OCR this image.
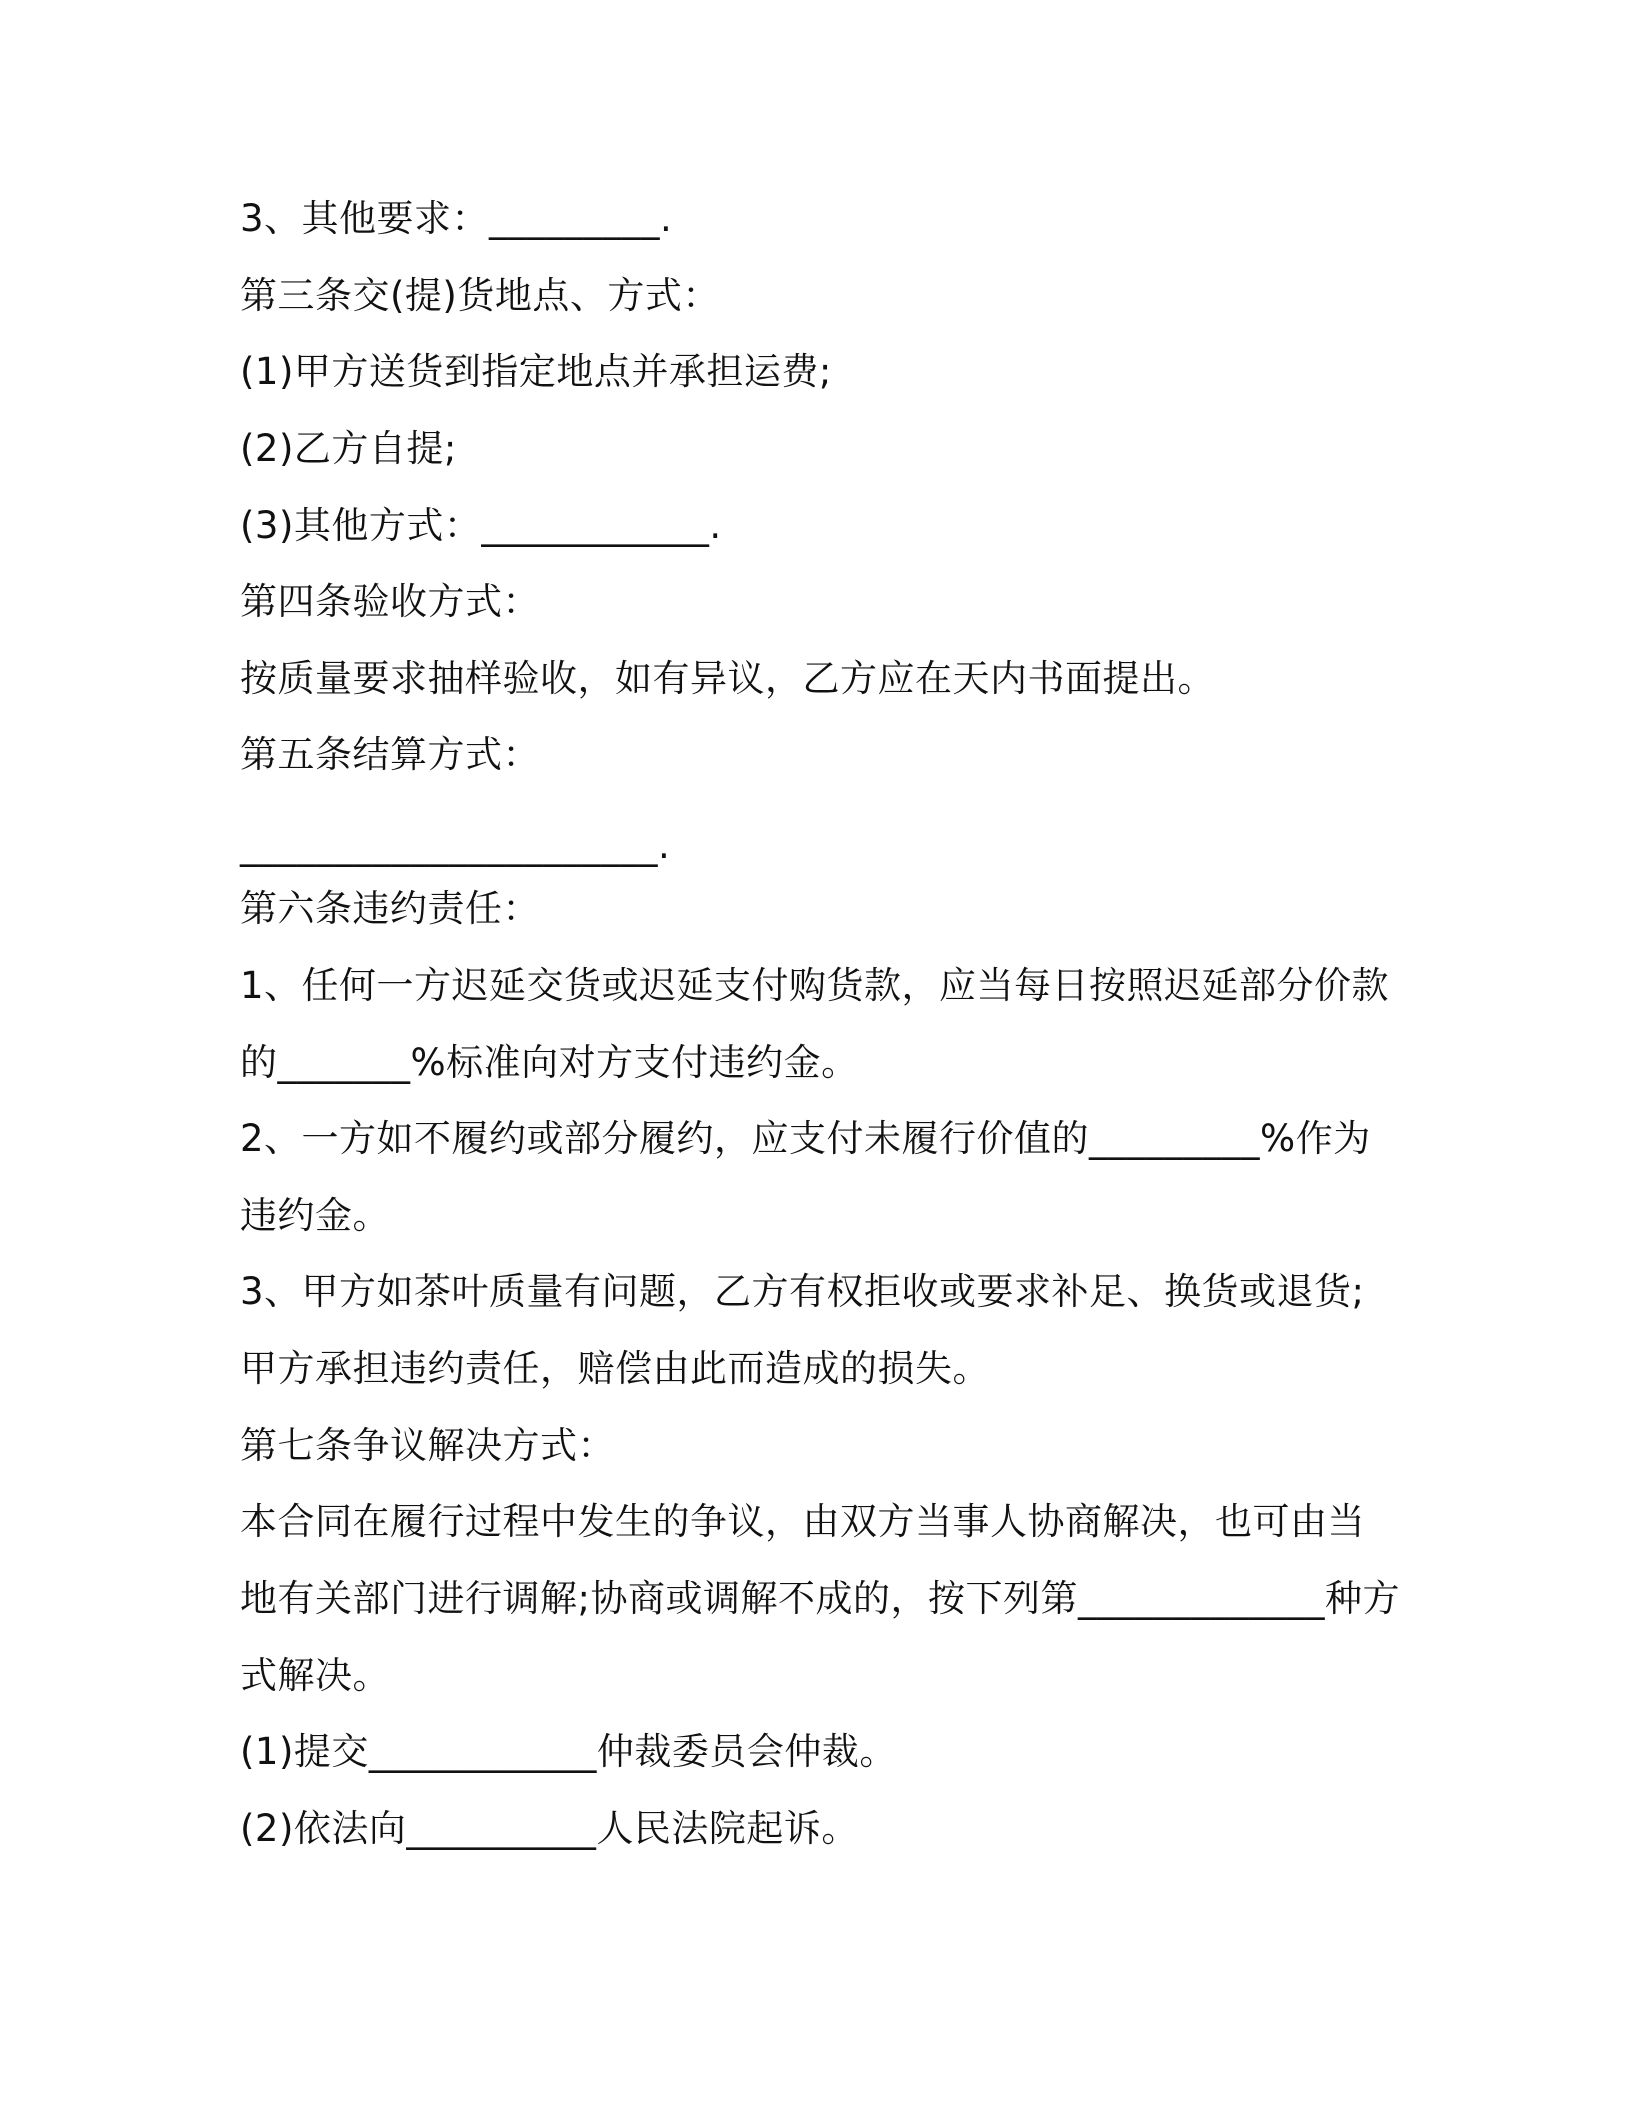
3、其他要求：_________.

第三条交(提)货地点、方式：

(1)甲方送货到指定地点并承担运费;

(2)乙方自提;

(3)其他方式：____________.

第四条验收方式：

按质量要求抽样验收，如有异议，乙方应在天内书面提出。

第五条结算方式：

______________________.

第六条违约责任：

1、任何一方迟延交货或迟延支付购货款，应当每日按照迟延部分价款的_______%标准向对方支付违约金。

2、一方如不履约或部分履约，应支付未履行价值的_________%作为违约金。

3、甲方如茶叶质量有问题，乙方有权拒收或要求补足、换货或退货;

甲方承担违约责任，赔偿由此而造成的损失。

第七条争议解决方式：

本合同在履行过程中发生的争议，由双方当事人协商解决，也可由当地有关部门进行调解;协商或调解不成的，按下列第_____________种方式解决。

(1)提交____________仲裁委员会仲裁。

(2)依法向__________人民法院起诉。
